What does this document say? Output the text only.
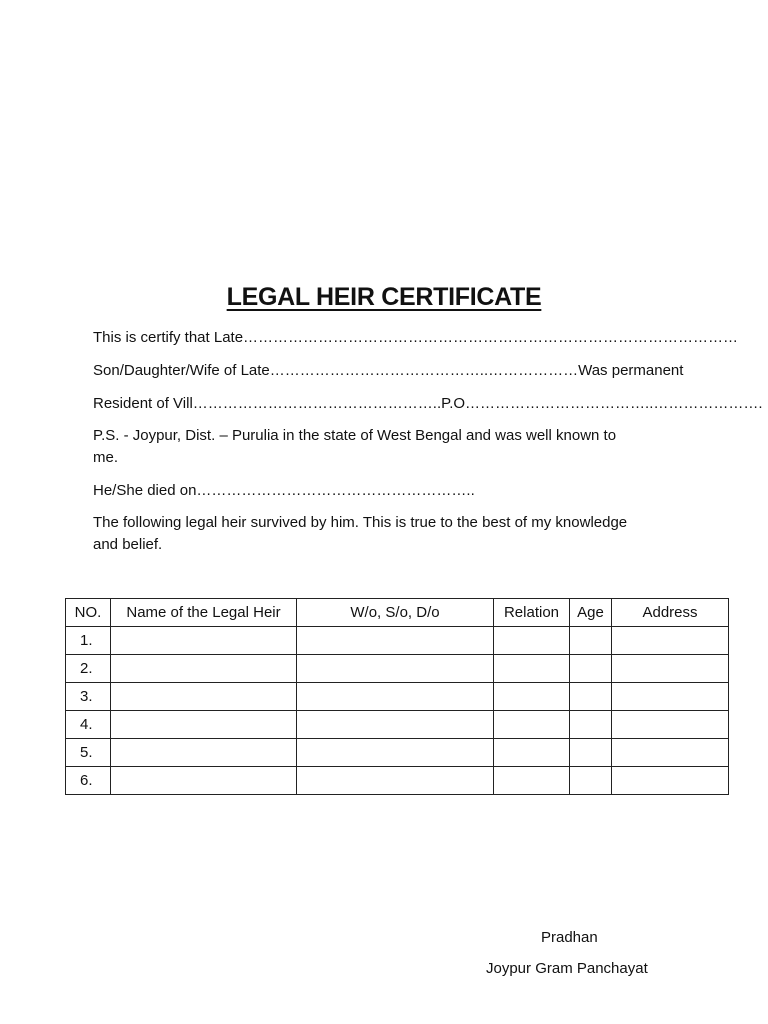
LEGAL HEIR CERTIFICATE
This is certify that Late………………………………………………………………………………………
Son/Daughter/Wife of Late……………………………………..……………… Was permanent
Resident of Vill………………………………………….. P.O………………………………..………………….
P.S. - Joypur, Dist. – Purulia in the state of West Bengal and was well known to
me.
He/She died on………………………………………………..
The following legal heir survived by him. This is true to the best of my knowledge
and belief.
NO.	Name of the Legal Heir	W/o, S/o, D/o	Relation	Age	Address
1.					
2.					
3.					
4.					
5.					
6.					
Pradhan
Joypur Gram Panchayat
